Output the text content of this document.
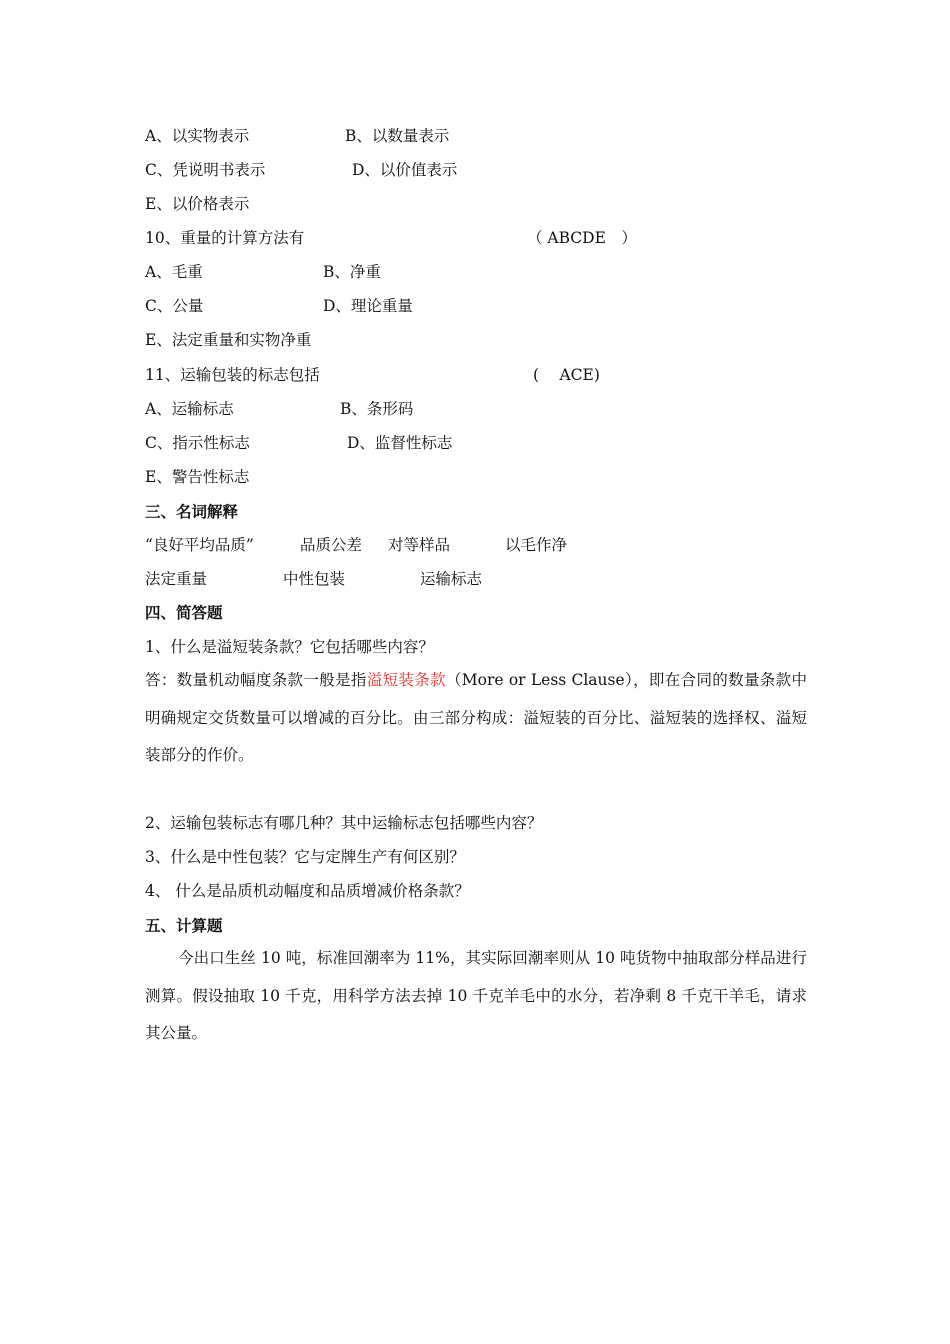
A、以实物表示	B、以数量表示
C、凭说明书表示	D、以价值表示
E、以价格表示
10、重量的计算方法有	（ ABCDE　）
A、毛重	B、净重
C、公量	D、理论重量
E、法定重量和实物净重
11、运输包装的标志包括	(　 ACE)
A、运输标志	B、条形码
C、指示性标志	D、监督性标志
E、警告性标志
三、名词解释
“良好平均品质”	品质公差 对等样品	以毛作净
法定重量	中性包装	运输标志
四、简答题
1、什么是溢短装条款？它包括哪些内容？
答：数量机动幅度条款一般是指溢短装条款（More or Less Clause），即在合同的数量条款中明确规定交货数量可以增减的百分比。由三部分构成：溢短装的百分比、溢短装的选择权、溢短装部分的作价。
2、运输包装标志有哪几种？其中运输标志包括哪些内容？
3、什么是中性包装？它与定牌生产有何区别？
4、 什么是品质机动幅度和品质增减价格条款？
五、计算题
今出口生丝 10 吨，标准回潮率为 11%，其实际回潮率则从 10 吨货物中抽取部分样品进行测算。假设抽取 10 千克，用科学方法去掉 10 千克羊毛中的水分，若净剩 8 千克干羊毛，请求其公量。
